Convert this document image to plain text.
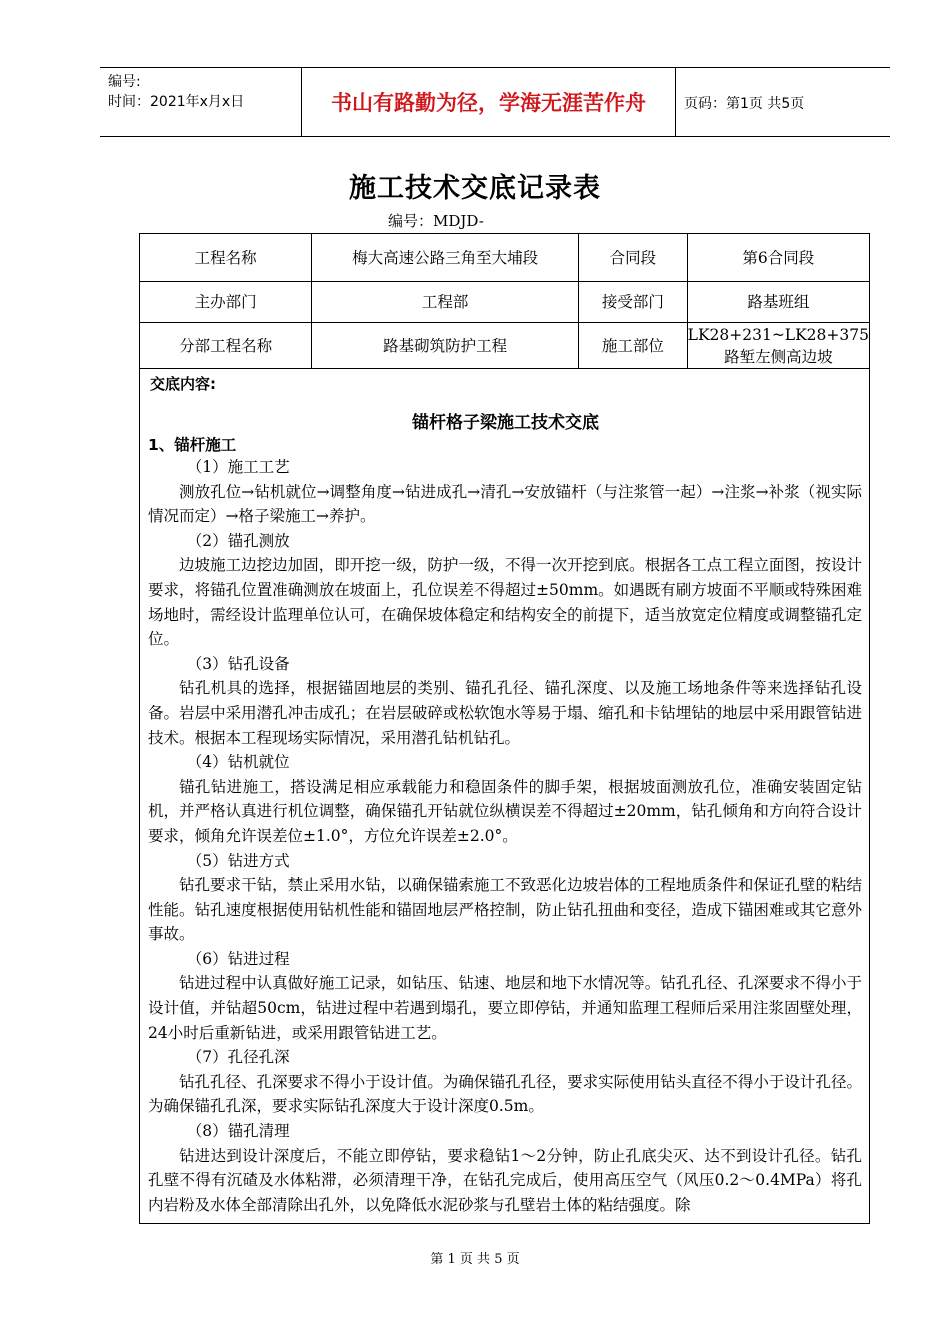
编号:
时间：2021年x月x日	书山有路勤为径，学海无涯苦作舟	页码：第1页 共5页
施工技术交底记录表
编号：MDJD-
工程名称	梅大高速公路三角至大埔段	合同段	第6合同段
主办部门	工程部	接受部门	路基班组
分部工程名称	路基砌筑防护工程	施工部位	LK28+231~LK28+375
路堑左侧高边坡
交底内容:
锚杆格子梁施工技术交底
1、锚杆施工

（1）施工工艺

测放孔位→钻机就位→调整角度→钻进成孔→清孔→安放锚杆（与注浆管一起）→注浆→补浆（视实际情况而定）→格子梁施工→养护。

（2）锚孔测放

边坡施工边挖边加固，即开挖一级，防护一级，不得一次开挖到底。根据各工点工程立面图，按设计要求，将锚孔位置准确测放在坡面上，孔位误差不得超过±50mm。如遇既有刷方坡面不平顺或特殊困难场地时，需经设计监理单位认可，在确保坡体稳定和结构安全的前提下，适当放宽定位精度或调整锚孔定位。

（3）钻孔设备

钻孔机具的选择，根据锚固地层的类别、锚孔孔径、锚孔深度、以及施工场地条件等来选择钻孔设备。岩层中采用潜孔冲击成孔；在岩层破碎或松软饱水等易于塌、缩孔和卡钻埋钻的地层中采用跟管钻进技术。根据本工程现场实际情况，采用潜孔钻机钻孔。

（4）钻机就位

锚孔钻进施工，搭设满足相应承载能力和稳固条件的脚手架，根据坡面测放孔位，准确安装固定钻机，并严格认真进行机位调整，确保锚孔开钻就位纵横误差不得超过±20mm，钻孔倾角和方向符合设计要求，倾角允许误差位±1.0°，方位允许误差±2.0°。

（5）钻进方式

钻孔要求干钻，禁止采用水钻，以确保锚索施工不致恶化边坡岩体的工程地质条件和保证孔壁的粘结性能。钻孔速度根据使用钻机性能和锚固地层严格控制，防止钻孔扭曲和变径，造成下锚困难或其它意外事故。

（6）钻进过程

钻进过程中认真做好施工记录，如钻压、钻速、地层和地下水情况等。钻孔孔径、孔深要求不得小于设计值，并钻超50cm，钻进过程中若遇到塌孔，要立即停钻，并通知监理工程师后采用注浆固壁处理，24小时后重新钻进，或采用跟管钻进工艺。

（7）孔径孔深

钻孔孔径、孔深要求不得小于设计值。为确保锚孔孔径，要求实际使用钻头直径不得小于设计孔径。为确保锚孔孔深，要求实际钻孔深度大于设计深度0.5m。

（8）锚孔清理

钻进达到设计深度后，不能立即停钻，要求稳钻1～2分钟，防止孔底尖灭、达不到设计孔径。钻孔孔壁不得有沉碴及水体粘滞，必须清理干净，在钻孔完成后，使用高压空气（风压0.2～0.4MPa）将孔内岩粉及水体全部清除出孔外，以免降低水泥砂浆与孔壁岩土体的粘结强度。除

第 1 页 共 5 页
